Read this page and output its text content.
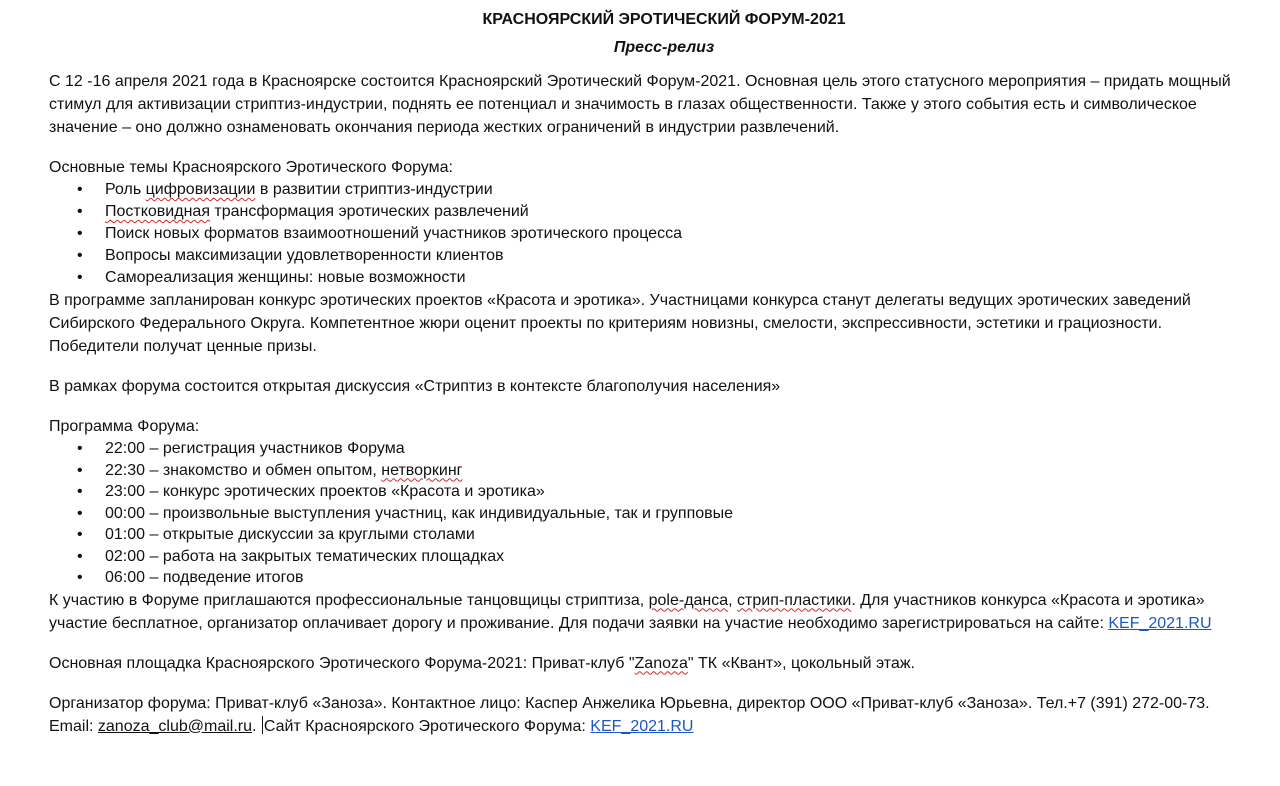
КРАСНОЯРСКИЙ ЭРОТИЧЕСКИЙ ФОРУМ-2021
Пресс-релиз

С 12 -16 апреля 2021 года в Красноярске состоится Красноярский Эротический Форум-2021. Основная цель этого статусного мероприятия – придать мощный стимул для активизации стриптиз-индустрии, поднять ее потенциал и значимость в глазах общественности. Также у этого события есть и символическое значение – оно должно ознаменовать окончания периода жестких ограничений в индустрии развлечений.

Основные темы Красноярского Эротического Форума:

• Роль цифровизации в развитии стриптиз-индустрии
• Постковидная трансформация эротических развлечений
• Поиск новых форматов взаимоотношений участников эротического процесса
• Вопросы максимизации удовлетворенности клиентов
• Самореализация женщины: новые возможности

В программе запланирован конкурс эротических проектов «Красота и эротика». Участницами конкурса станут делегаты ведущих эротических заведений Сибирского Федерального Округа. Компетентное жюри оценит проекты по критериям новизны, смелости, экспрессивности, эстетики и грациозности. Победители получат ценные призы.

В рамках форума состоится открытая дискуссия «Стриптиз в контексте благополучия населения»

Программа Форума:

• 22:00 – регистрация участников Форума
• 22:30 – знакомство и обмен опытом, нетворкинг
• 23:00 – конкурс эротических проектов «Красота и эротика»
• 00:00 – произвольные выступления участниц, как индивидуальные, так и групповые
• 01:00 – открытые дискуссии за круглыми столами
• 02:00 – работа на закрытых тематических площадках
• 06:00 – подведение итогов

К участию в Форуме приглашаются профессиональные танцовщицы стриптиза, pole-данса, стрип-пластики. Для участников конкурса «Красота и эротика» участие бесплатное, организатор оплачивает дорогу и проживание. Для подачи заявки на участие необходимо зарегистрироваться на сайте: KEF_2021.RU

Основная площадка Красноярского Эротического Форума-2021: Приват-клуб "Zanoza" ТК «Квант», цокольный этаж.

Организатор форума: Приват-клуб «Заноза». Контактное лицо: Каспер Анжелика Юрьевна, директор ООО «Приват-клуб «Заноза». Тел.+7 (391) 272-00-73. Email: zanoza_club@mail.ru. Сайт Красноярского Эротического Форума: KEF_2021.RU
